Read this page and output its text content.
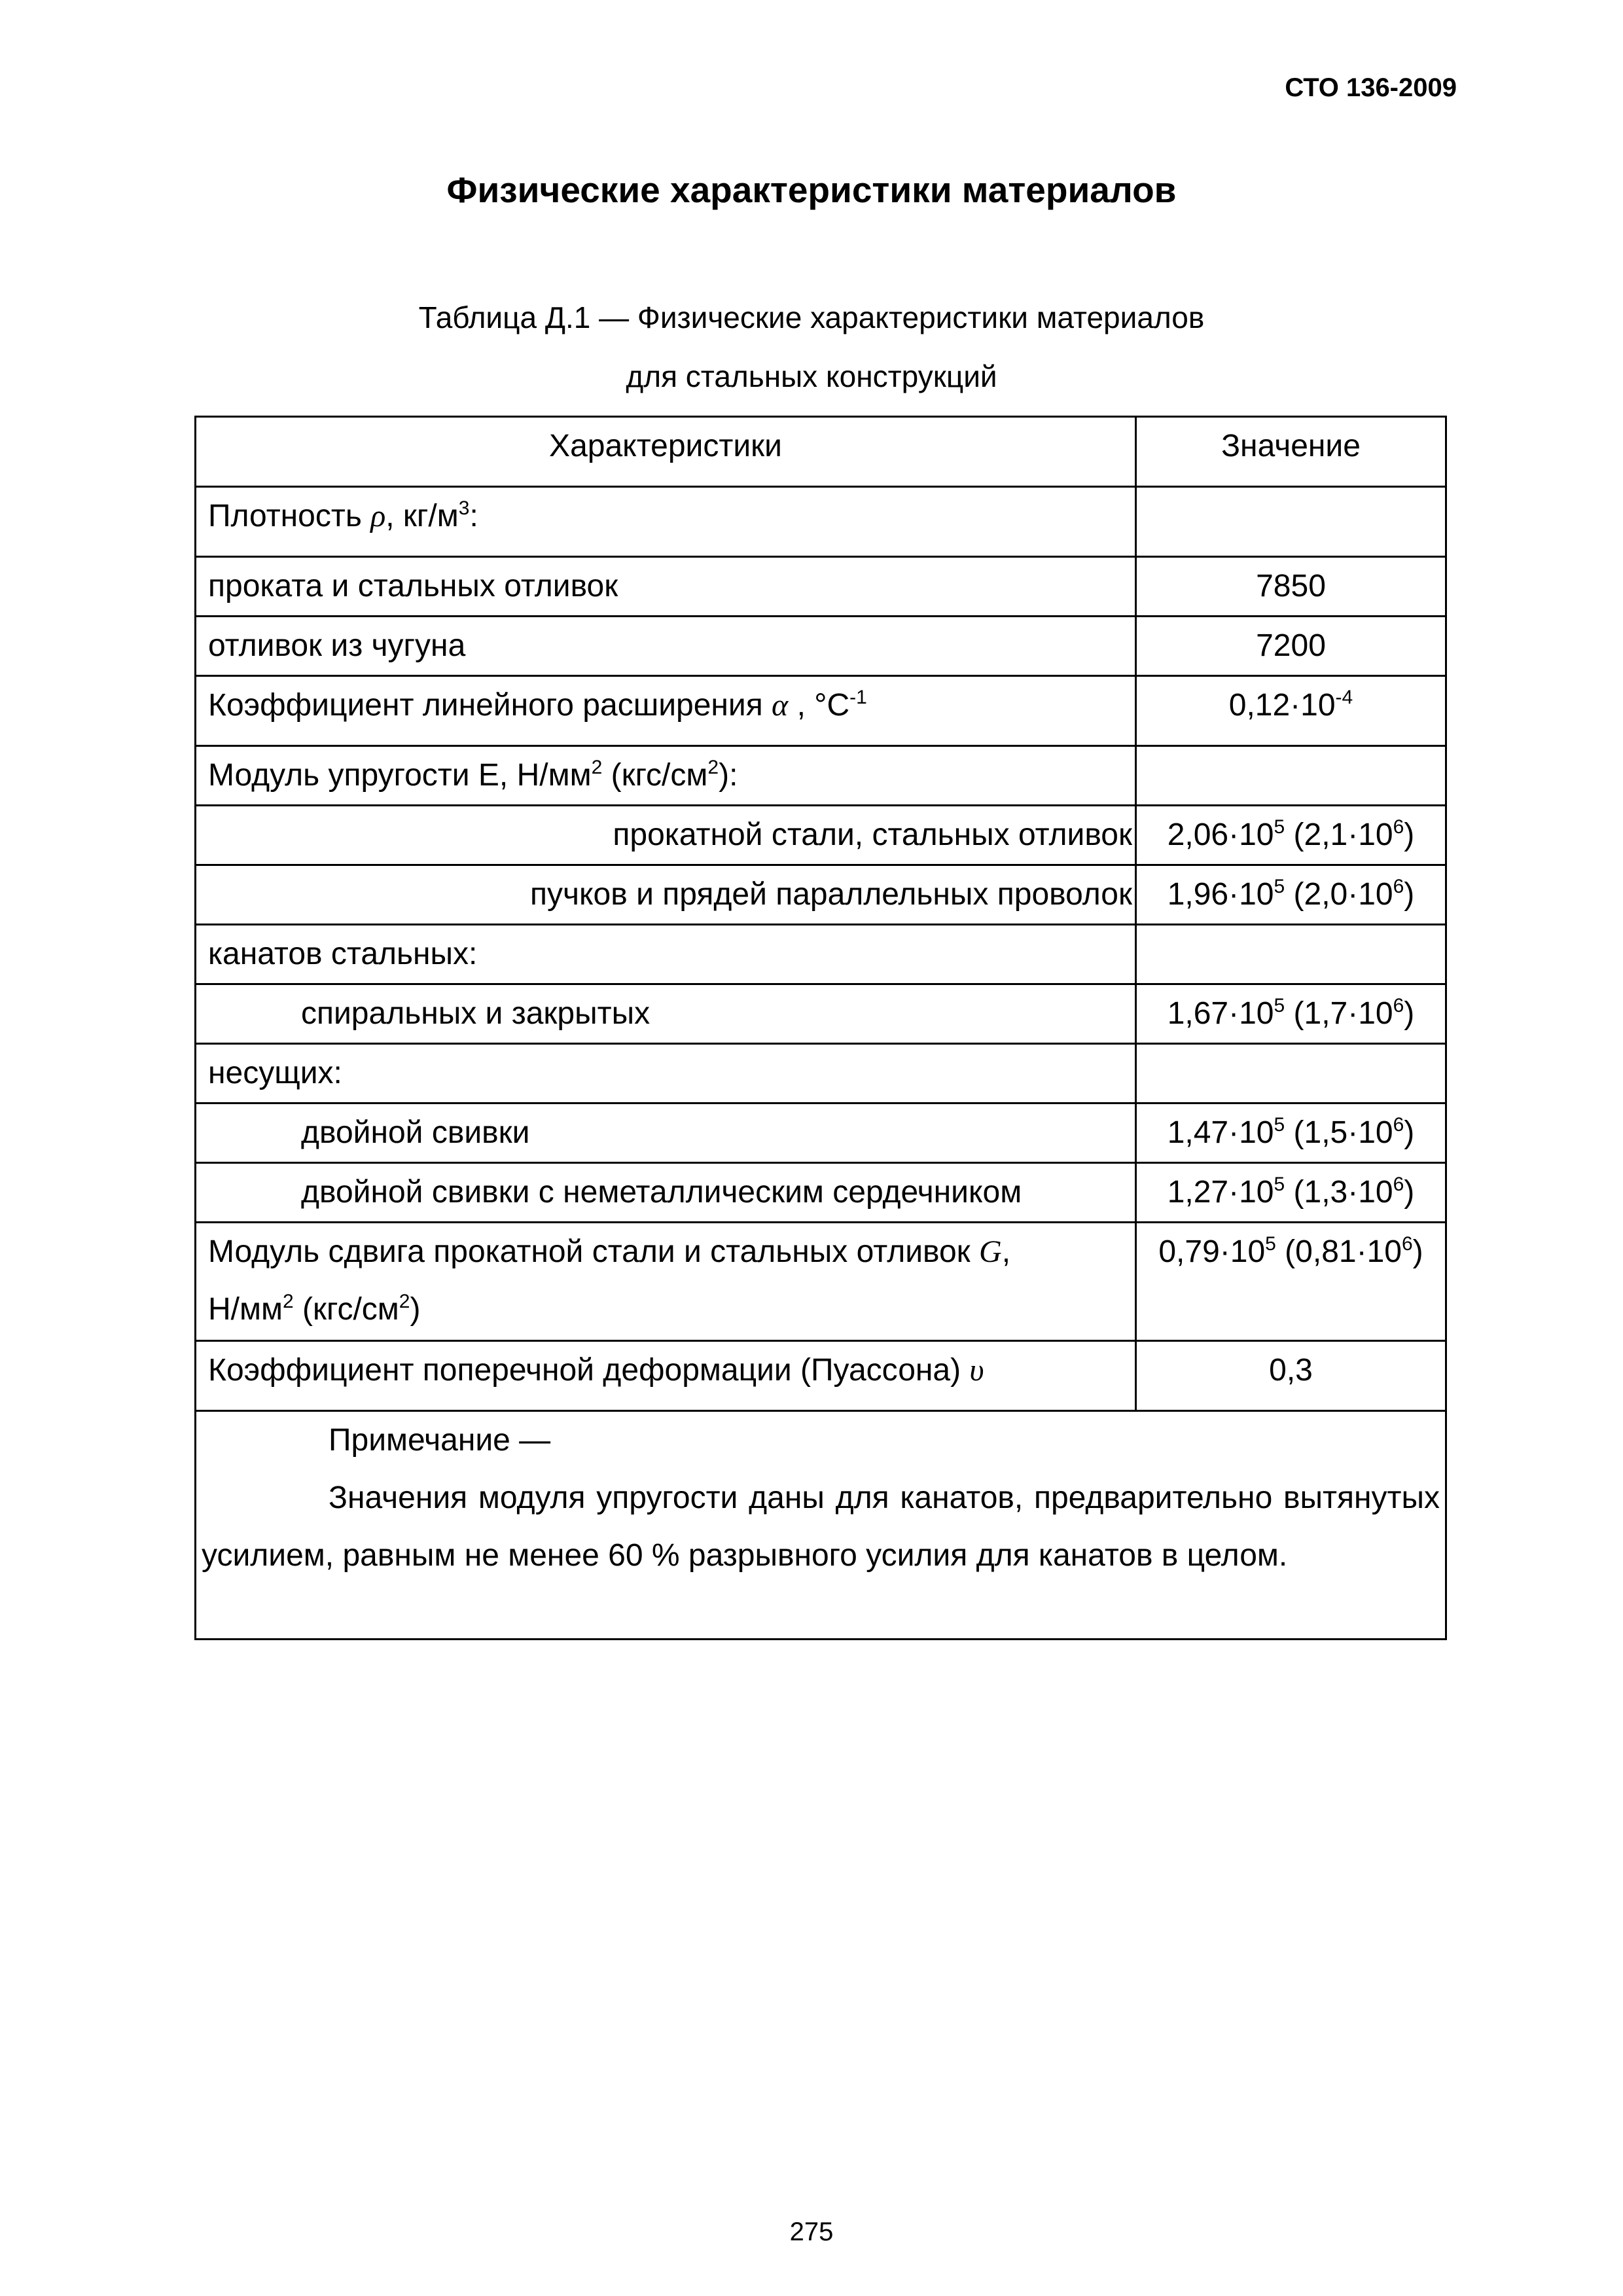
СТО 136-2009
Физические характеристики материалов
Таблица Д.1 — Физические характеристики материалов
для стальных конструкций
Характеристики	Значение
Плотность ρ, $кг/м^3$:	
проката и стальных отливок	7850
отливок из чугуна	7200
Коэффициент линейного расширения α , $^\circ С^{-1}$	$0,12\cdot 10^{-4}$
Модуль упругости Е, $Н/мм^2$ $(кгс/см^2)$:	
прокатной стали, стальных отливок	$2,06\cdot 10^5$ $(2,1\cdot 10^6)$
пучков и прядей параллельных проволок	$1,96\cdot 10^5$ $(2,0\cdot 10^6)$
канатов стальных:	
спиральных и закрытых	$1,67\cdot 10^5$ $(1,7\cdot 10^6)$
несущих:	
двойной свивки	$1,47\cdot 10^5$ $(1,5\cdot 10^6)$
двойной свивки с неметаллическим сердечником	$1,27\cdot 10^5$ $(1,3\cdot 10^6)$
Модуль сдвига прокатной стали и стальных отливок G,
$Н/мм^2$ $(кгс/см^2)$	$0,79\cdot 10^5$ $(0,81\cdot 10^6)$
Коэффициент поперечной деформации (Пуассона) υ	0,3

Примечание —
Значения модуля упругости даны для канатов, предварительно вытянутых усилием, равным не менее 60 % разрывного усилия для канатов в целом.	
275
